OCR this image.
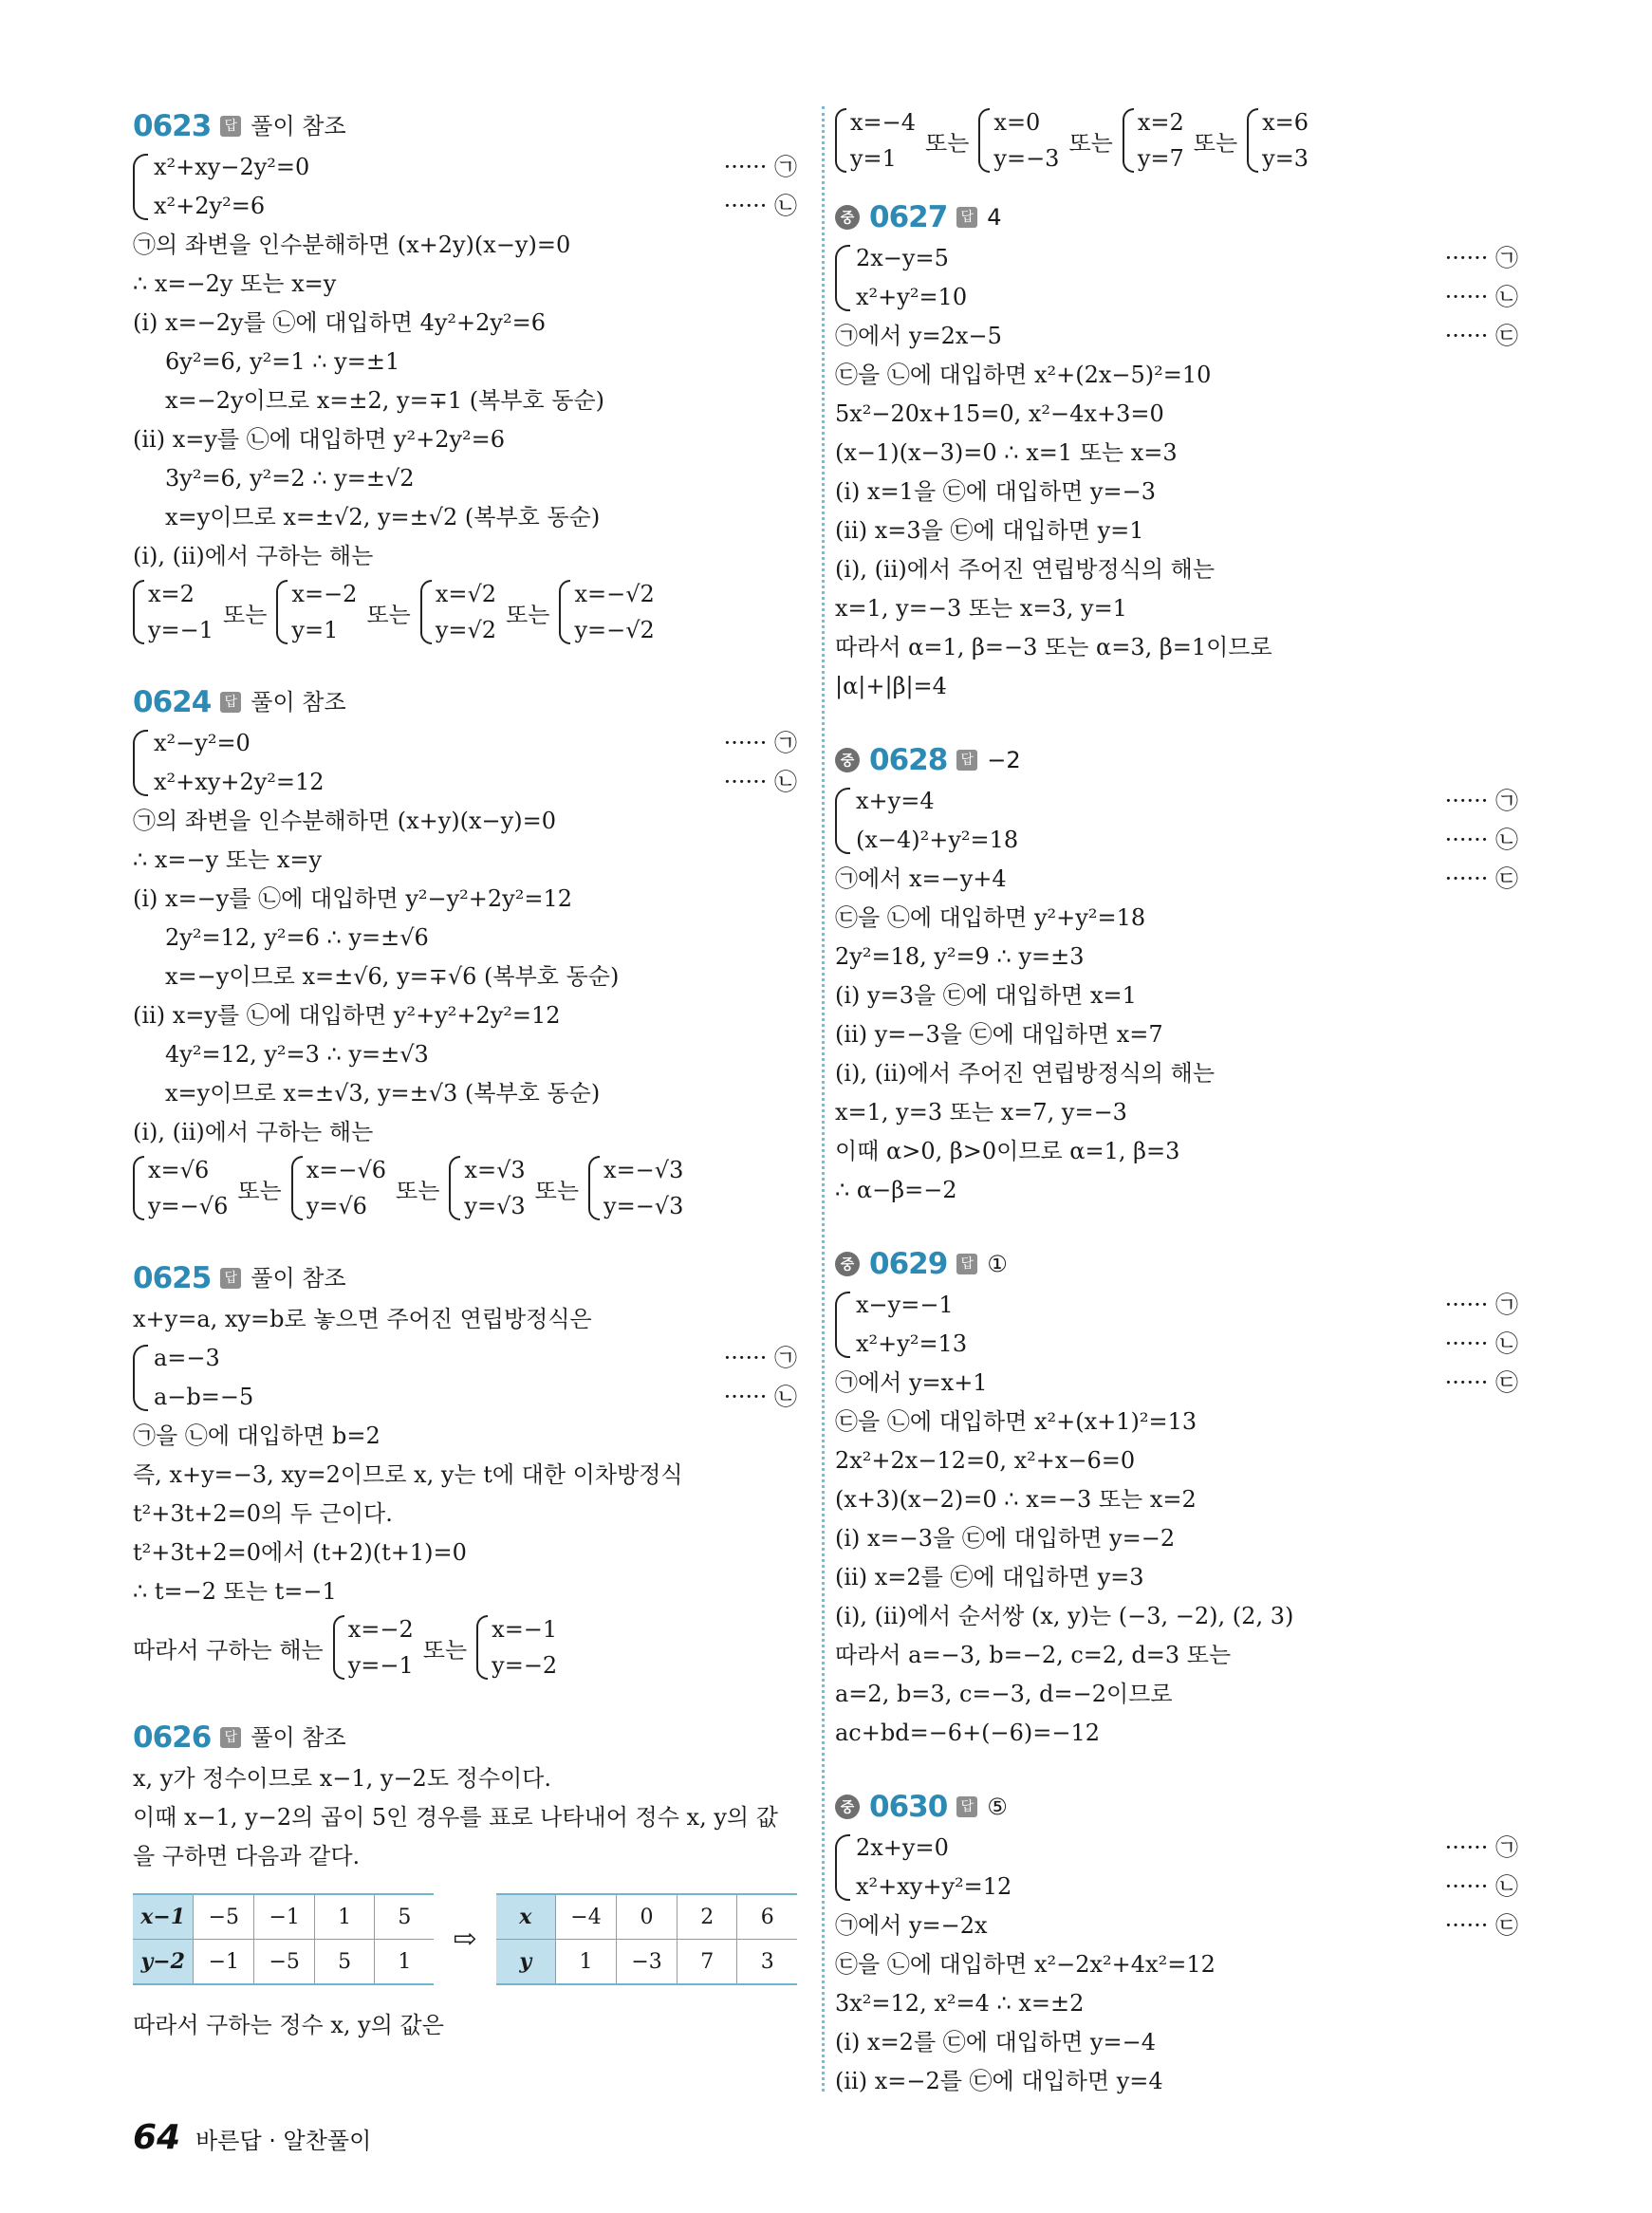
0623	답 풀이 참조
x²+xy−2y²=0	······ ㉠
x²+2y²=6	······ ㉡
㉠의 좌변을 인수분해하면 (x+2y)(x−y)=0
∴ x=−2y 또는 x=y
(ⅰ) x=−2y를 ㉡에 대입하면 4y²+2y²=6
6y²=6, y²=1 ∴ y=±1
x=−2y이므로 x=±2, y=∓1 (복부호 동순)
(ⅱ) x=y를 ㉡에 대입하면 y²+2y²=6
3y²=6, y²=2 ∴ y=±√2
x=y이므로 x=±√2, y=±√2 (복부호 동순)
(ⅰ), (ⅱ)에서 구하는 해는
x=2
y=−1
또는
x=−2
y=1
또는
x=√2
y=√2
또는
x=−√2
y=−√2
0624	답 풀이 참조
x²−y²=0	······ ㉠
x²+xy+2y²=12	······ ㉡
㉠의 좌변을 인수분해하면 (x+y)(x−y)=0
∴ x=−y 또는 x=y
(ⅰ) x=−y를 ㉡에 대입하면 y²−y²+2y²=12
2y²=12, y²=6 ∴ y=±√6
x=−y이므로 x=±√6, y=∓√6 (복부호 동순)
(ⅱ) x=y를 ㉡에 대입하면 y²+y²+2y²=12
4y²=12, y²=3 ∴ y=±√3
x=y이므로 x=±√3, y=±√3 (복부호 동순)
(ⅰ), (ⅱ)에서 구하는 해는
x=√6
y=−√6
또는
x=−√6
y=√6
또는
x=√3
y=√3
또는
x=−√3
y=−√3
0625	답 풀이 참조
x+y=a, xy=b로 놓으면 주어진 연립방정식은
a=−3	······ ㉠
a−b=−5	······ ㉡
㉠을 ㉡에 대입하면 b=2
즉, x+y=−3, xy=2이므로 x, y는 t에 대한 이차방정식
t²+3t+2=0의 두 근이다.
t²+3t+2=0에서 (t+2)(t+1)=0
∴ t=−2 또는 t=−1
따라서 구하는 해는
x=−2
y=−1
또는
x=−1
y=−2
0626	답 풀이 참조
x, y가 정수이므로 x−1, y−2도 정수이다.
이때 x−1, y−2의 곱이 5인 경우를 표로 나타내어 정수 x, y의 값
을 구하면 다음과 같다.
x−1	−5	−1	1	5
y−2	−1	−5	5	1
⇨
x	−4	0	2	6
y	1	−3	7	3
따라서 구하는 정수 x, y의 값은
x=−4
y=1
또는
x=0
y=−3
또는
x=2
y=7
또는
x=6
y=3
중 0627	답 4
2x−y=5	······ ㉠
x²+y²=10	······ ㉡
㉠에서 y=2x−5	······ ㉢
㉢을 ㉡에 대입하면 x²+(2x−5)²=10
5x²−20x+15=0, x²−4x+3=0
(x−1)(x−3)=0 ∴ x=1 또는 x=3
(ⅰ) x=1을 ㉢에 대입하면 y=−3
(ⅱ) x=3을 ㉢에 대입하면 y=1
(ⅰ), (ⅱ)에서 주어진 연립방정식의 해는
x=1, y=−3 또는 x=3, y=1
따라서 α=1, β=−3 또는 α=3, β=1이므로
|α|+|β|=4
중 0628	답 −2
x+y=4	······ ㉠
(x−4)²+y²=18	······ ㉡
㉠에서 x=−y+4	······ ㉢
㉢을 ㉡에 대입하면 y²+y²=18
2y²=18, y²=9 ∴ y=±3
(ⅰ) y=3을 ㉢에 대입하면 x=1
(ⅱ) y=−3을 ㉢에 대입하면 x=7
(ⅰ), (ⅱ)에서 주어진 연립방정식의 해는
x=1, y=3 또는 x=7, y=−3
이때 α>0, β>0이므로 α=1, β=3
∴ α−β=−2
중 0629	답 ①
x−y=−1	······ ㉠
x²+y²=13	······ ㉡
㉠에서 y=x+1	······ ㉢
㉢을 ㉡에 대입하면 x²+(x+1)²=13
2x²+2x−12=0, x²+x−6=0
(x+3)(x−2)=0 ∴ x=−3 또는 x=2
(ⅰ) x=−3을 ㉢에 대입하면 y=−2
(ⅱ) x=2를 ㉢에 대입하면 y=3
(ⅰ), (ⅱ)에서 순서쌍 (x, y)는 (−3, −2), (2, 3)
따라서 a=−3, b=−2, c=2, d=3 또는
a=2, b=3, c=−3, d=−2이므로
ac+bd=−6+(−6)=−12
중 0630	답 ⑤
2x+y=0	······ ㉠
x²+xy+y²=12	······ ㉡
㉠에서 y=−2x	······ ㉢
㉢을 ㉡에 대입하면 x²−2x²+4x²=12
3x²=12, x²=4 ∴ x=±2
(ⅰ) x=2를 ㉢에 대입하면 y=−4
(ⅱ) x=−2를 ㉢에 대입하면 y=4
64 바른답 · 알찬풀이
